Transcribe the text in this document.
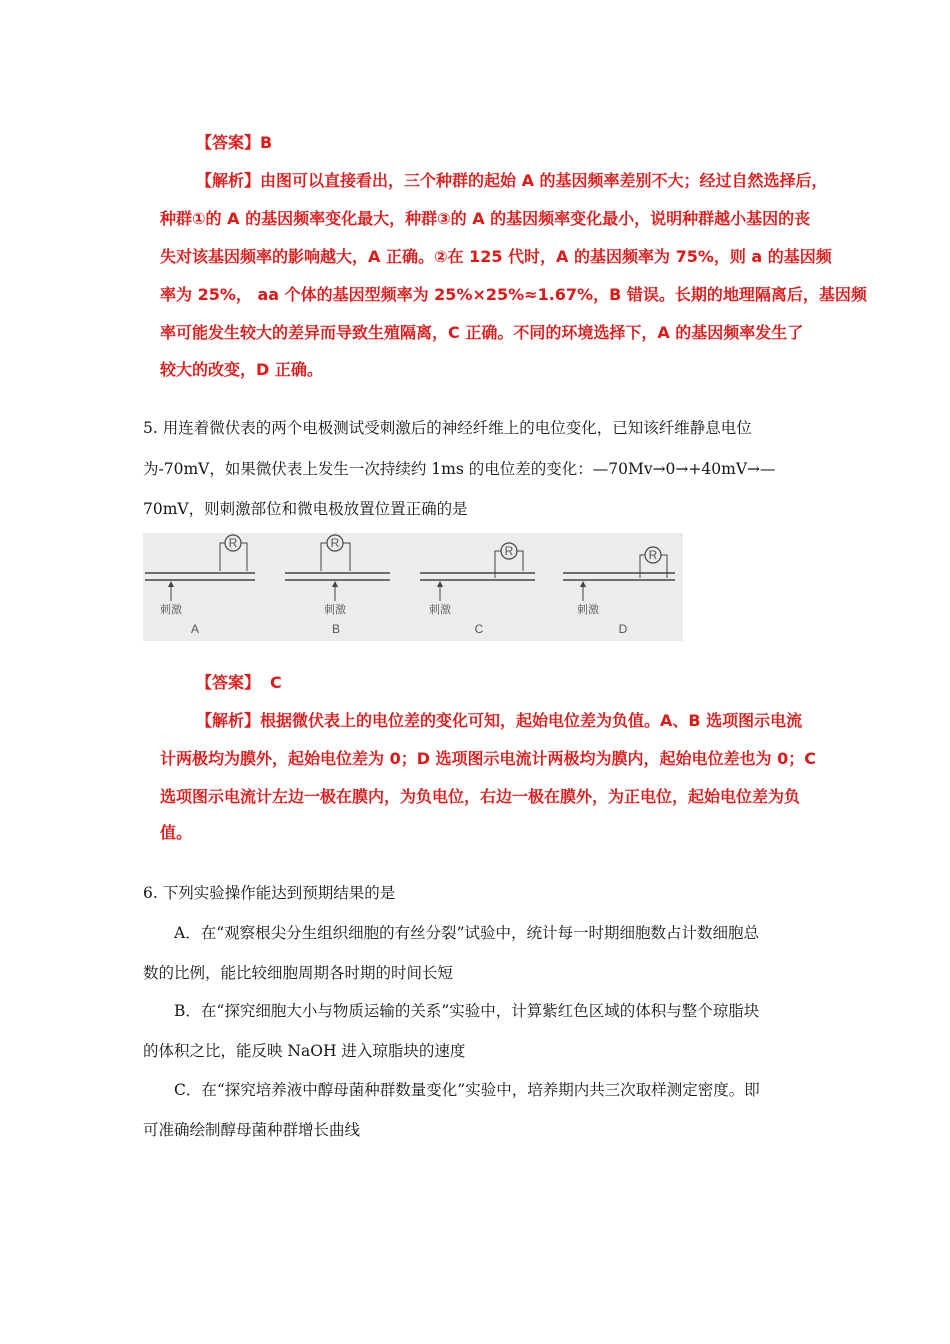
【答案】B
【解析】由图可以直接看出，三个种群的起始 A 的基因频率差别不大；经过自然选择后，
种群①的 A 的基因频率变化最大，种群③的 A 的基因频率变化最小，说明种群越小基因的丧
失对该基因频率的影响越大，A 正确。②在 125 代时，A 的基因频率为 75%，则 a 的基因频
率为 25%， aa 个体的基因型频率为 25%×25%≈1.67%，B 错误。长期的地理隔离后，基因频
率可能发生较大的差异而导致生殖隔离，C 正确。不同的环境选择下，A 的基因频率发生了
较大的改变，D 正确。
5. 用连着微伏表的两个电极测试受刺激后的神经纤维上的电位变化，已知该纤维静息电位
为-70mV，如果微伏表上发生一次持续约 1ms 的电位差的变化：—70Mv→0→+40mV→—
70mV，则刺激部位和微电极放置位置正确的是
R
刺激
A
R
刺激
B
R
刺激
C
R
刺激
D
【答案】 C
【解析】根据微伏表上的电位差的变化可知，起始电位差为负值。A、B 选项图示电流
计两极均为膜外，起始电位差为 0；D 选项图示电流计两极均为膜内，起始电位差也为 0；C
选项图示电流计左边一极在膜内，为负电位，右边一极在膜外，为正电位，起始电位差为负
值。
6. 下列实验操作能达到预期结果的是
A．在“观察根尖分生组织细胞的有丝分裂”试验中，统计每一时期细胞数占计数细胞总
数的比例，能比较细胞周期各时期的时间长短
B．在“探究细胞大小与物质运输的关系”实验中，计算紫红色区域的体积与整个琼脂块
的体积之比，能反映 NaOH 进入琼脂块的速度
C．在“探究培养液中醇母菌种群数量变化”实验中，培养期内共三次取样测定密度。即
可准确绘制醇母菌种群增长曲线
